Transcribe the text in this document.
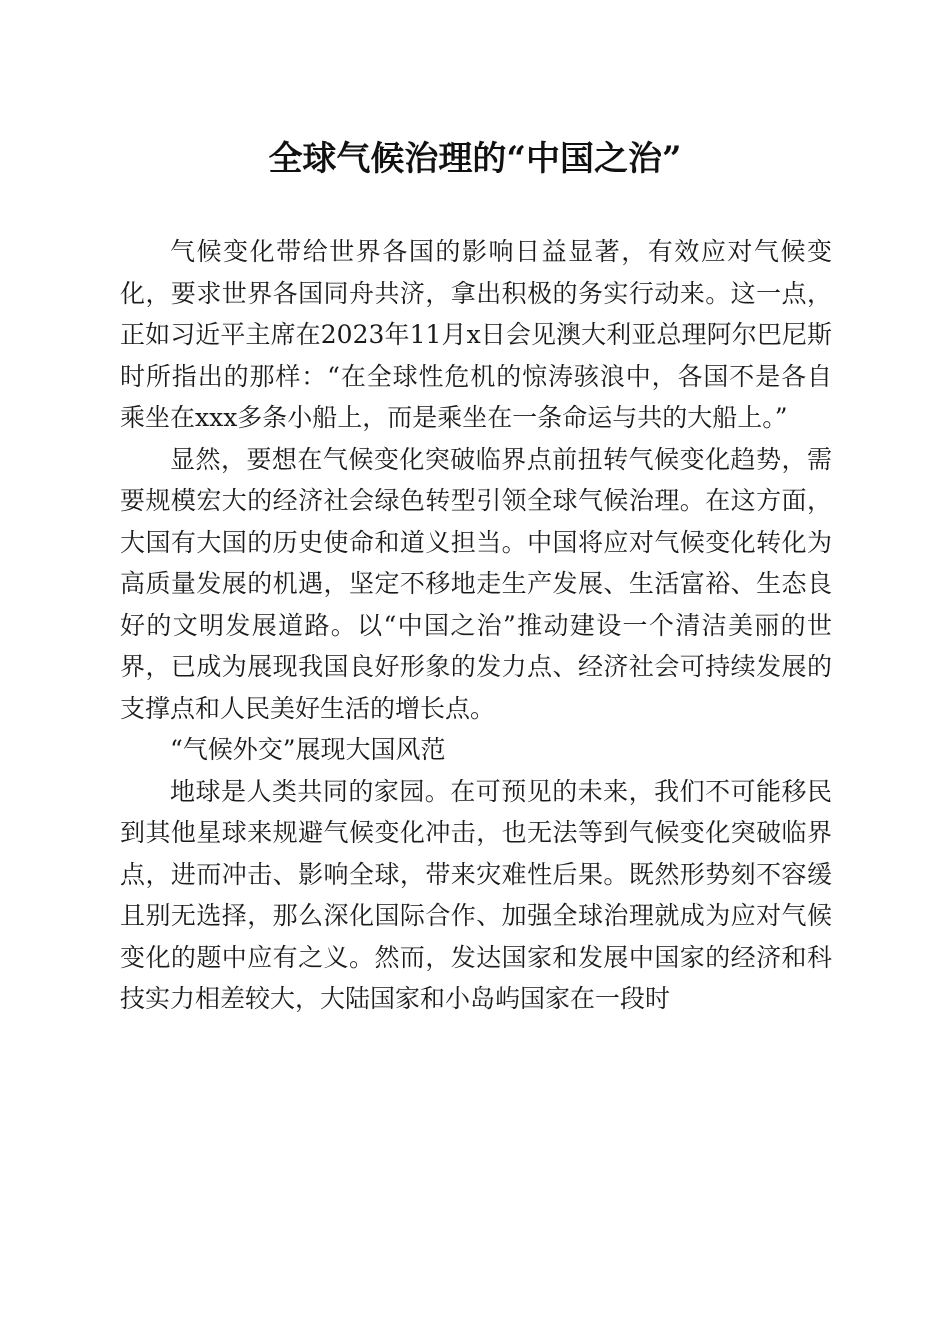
全球气候治理的“中国之治”

气候变化带给世界各国的影响日益显著，有效应对气候变化，要求世界各国同舟共济，拿出积极的务实行动来。这一点，正如习近平主席在2023年11月x日会见澳大利亚总理阿尔巴尼斯时所指出的那样：“在全球性危机的惊涛骇浪中，各国不是各自乘坐在xxx多条小船上，而是乘坐在一条命运与共的大船上。”

显然，要想在气候变化突破临界点前扭转气候变化趋势，需要规模宏大的经济社会绿色转型引领全球气候治理。在这方面，大国有大国的历史使命和道义担当。中国将应对气候变化转化为高质量发展的机遇，坚定不移地走生产发展、生活富裕、生态良好的文明发展道路。以“中国之治”推动建设一个清洁美丽的世界，已成为展现我国良好形象的发力点、经济社会可持续发展的支撑点和人民美好生活的增长点。

“气候外交”展现大国风范

地球是人类共同的家园。在可预见的未来，我们不可能移民到其他星球来规避气候变化冲击，也无法等到气候变化突破临界点，进而冲击、影响全球，带来灾难性后果。既然形势刻不容缓且别无选择，那么深化国际合作、加强全球治理就成为应对气候变化的题中应有之义。然而，发达国家和发展中国家的经济和科技实力相差较大，大陆国家和小岛屿国家在一段时
